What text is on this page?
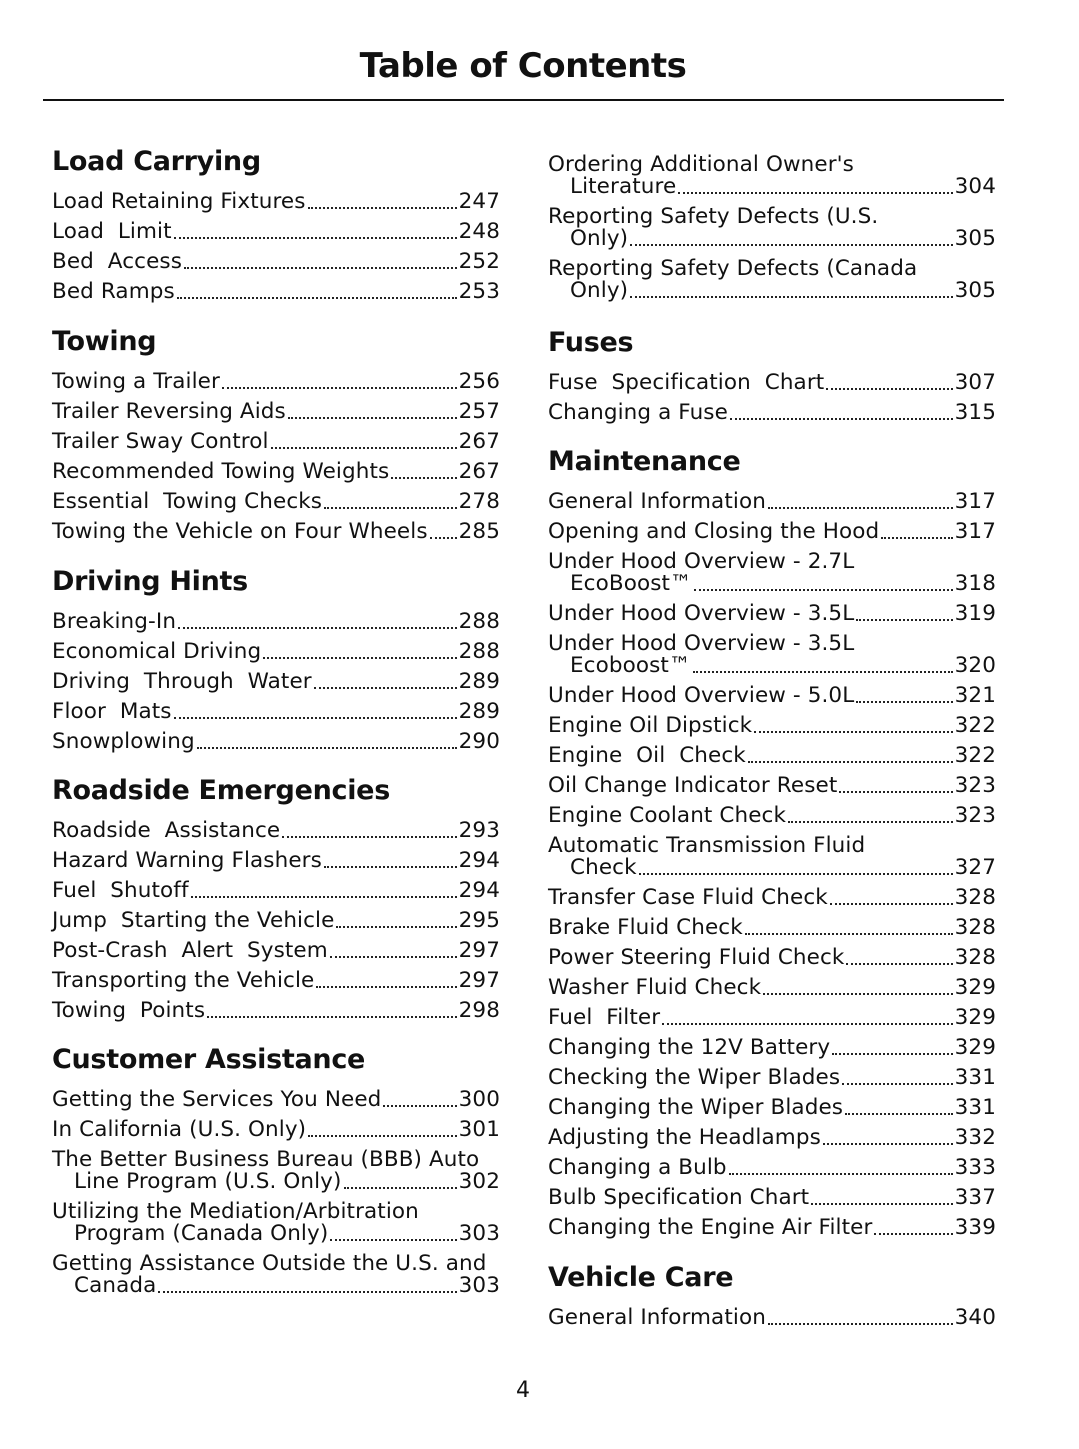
Table of Contents
Load Carrying
Load Retaining Fixtures	247
Load  Limit	248
Bed  Access	252
Bed Ramps	253
Towing
Towing a Trailer	256
Trailer Reversing Aids	257
Trailer Sway Control	267
Recommended Towing Weights	267
Essential  Towing Checks	278
Towing the Vehicle on Four Wheels 285
Driving Hints
Breaking-In	288
Economical Driving	288
Driving  Through  Water	289
Floor  Mats	289
Snowplowing	290
Roadside Emergencies
Roadside  Assistance	293
Hazard Warning Flashers	294
Fuel  Shutoff	294
Jump  Starting the Vehicle	295
Post-Crash  Alert  System	297
Transporting the Vehicle	297
Towing  Points	298
Customer Assistance
Getting the Services You Need	300
In California (U.S. Only)	301
The Better Business Bureau (BBB) Auto
Line Program (U.S. Only)	302
Utilizing the Mediation/Arbitration
Program (Canada Only)	303
Getting Assistance Outside the U.S. and
Canada	303
Ordering Additional Owner's
Literature	304
Reporting Safety Defects (U.S.
Only)	305
Reporting Safety Defects (Canada
Only)	305
Fuses
Fuse  Specification  Chart	307
Changing a Fuse	315
Maintenance
General Information	317
Opening and Closing the Hood	317
Under Hood Overview - 2.7L
EcoBoost™	318
Under Hood Overview - 3.5L	319
Under Hood Overview - 3.5L
Ecoboost™	320
Under Hood Overview - 5.0L	321
Engine Oil Dipstick	322
Engine  Oil  Check	322
Oil Change Indicator Reset	323
Engine Coolant Check	323
Automatic Transmission Fluid
Check	327
Transfer Case Fluid Check	328
Brake Fluid Check	328
Power Steering Fluid Check	328
Washer Fluid Check	329
Fuel  Filter	329
Changing the 12V Battery	329
Checking the Wiper Blades	331
Changing the Wiper Blades	331
Adjusting the Headlamps	332
Changing a Bulb	333
Bulb Specification Chart	337
Changing the Engine Air Filter	339
Vehicle Care
General Information	340
4
